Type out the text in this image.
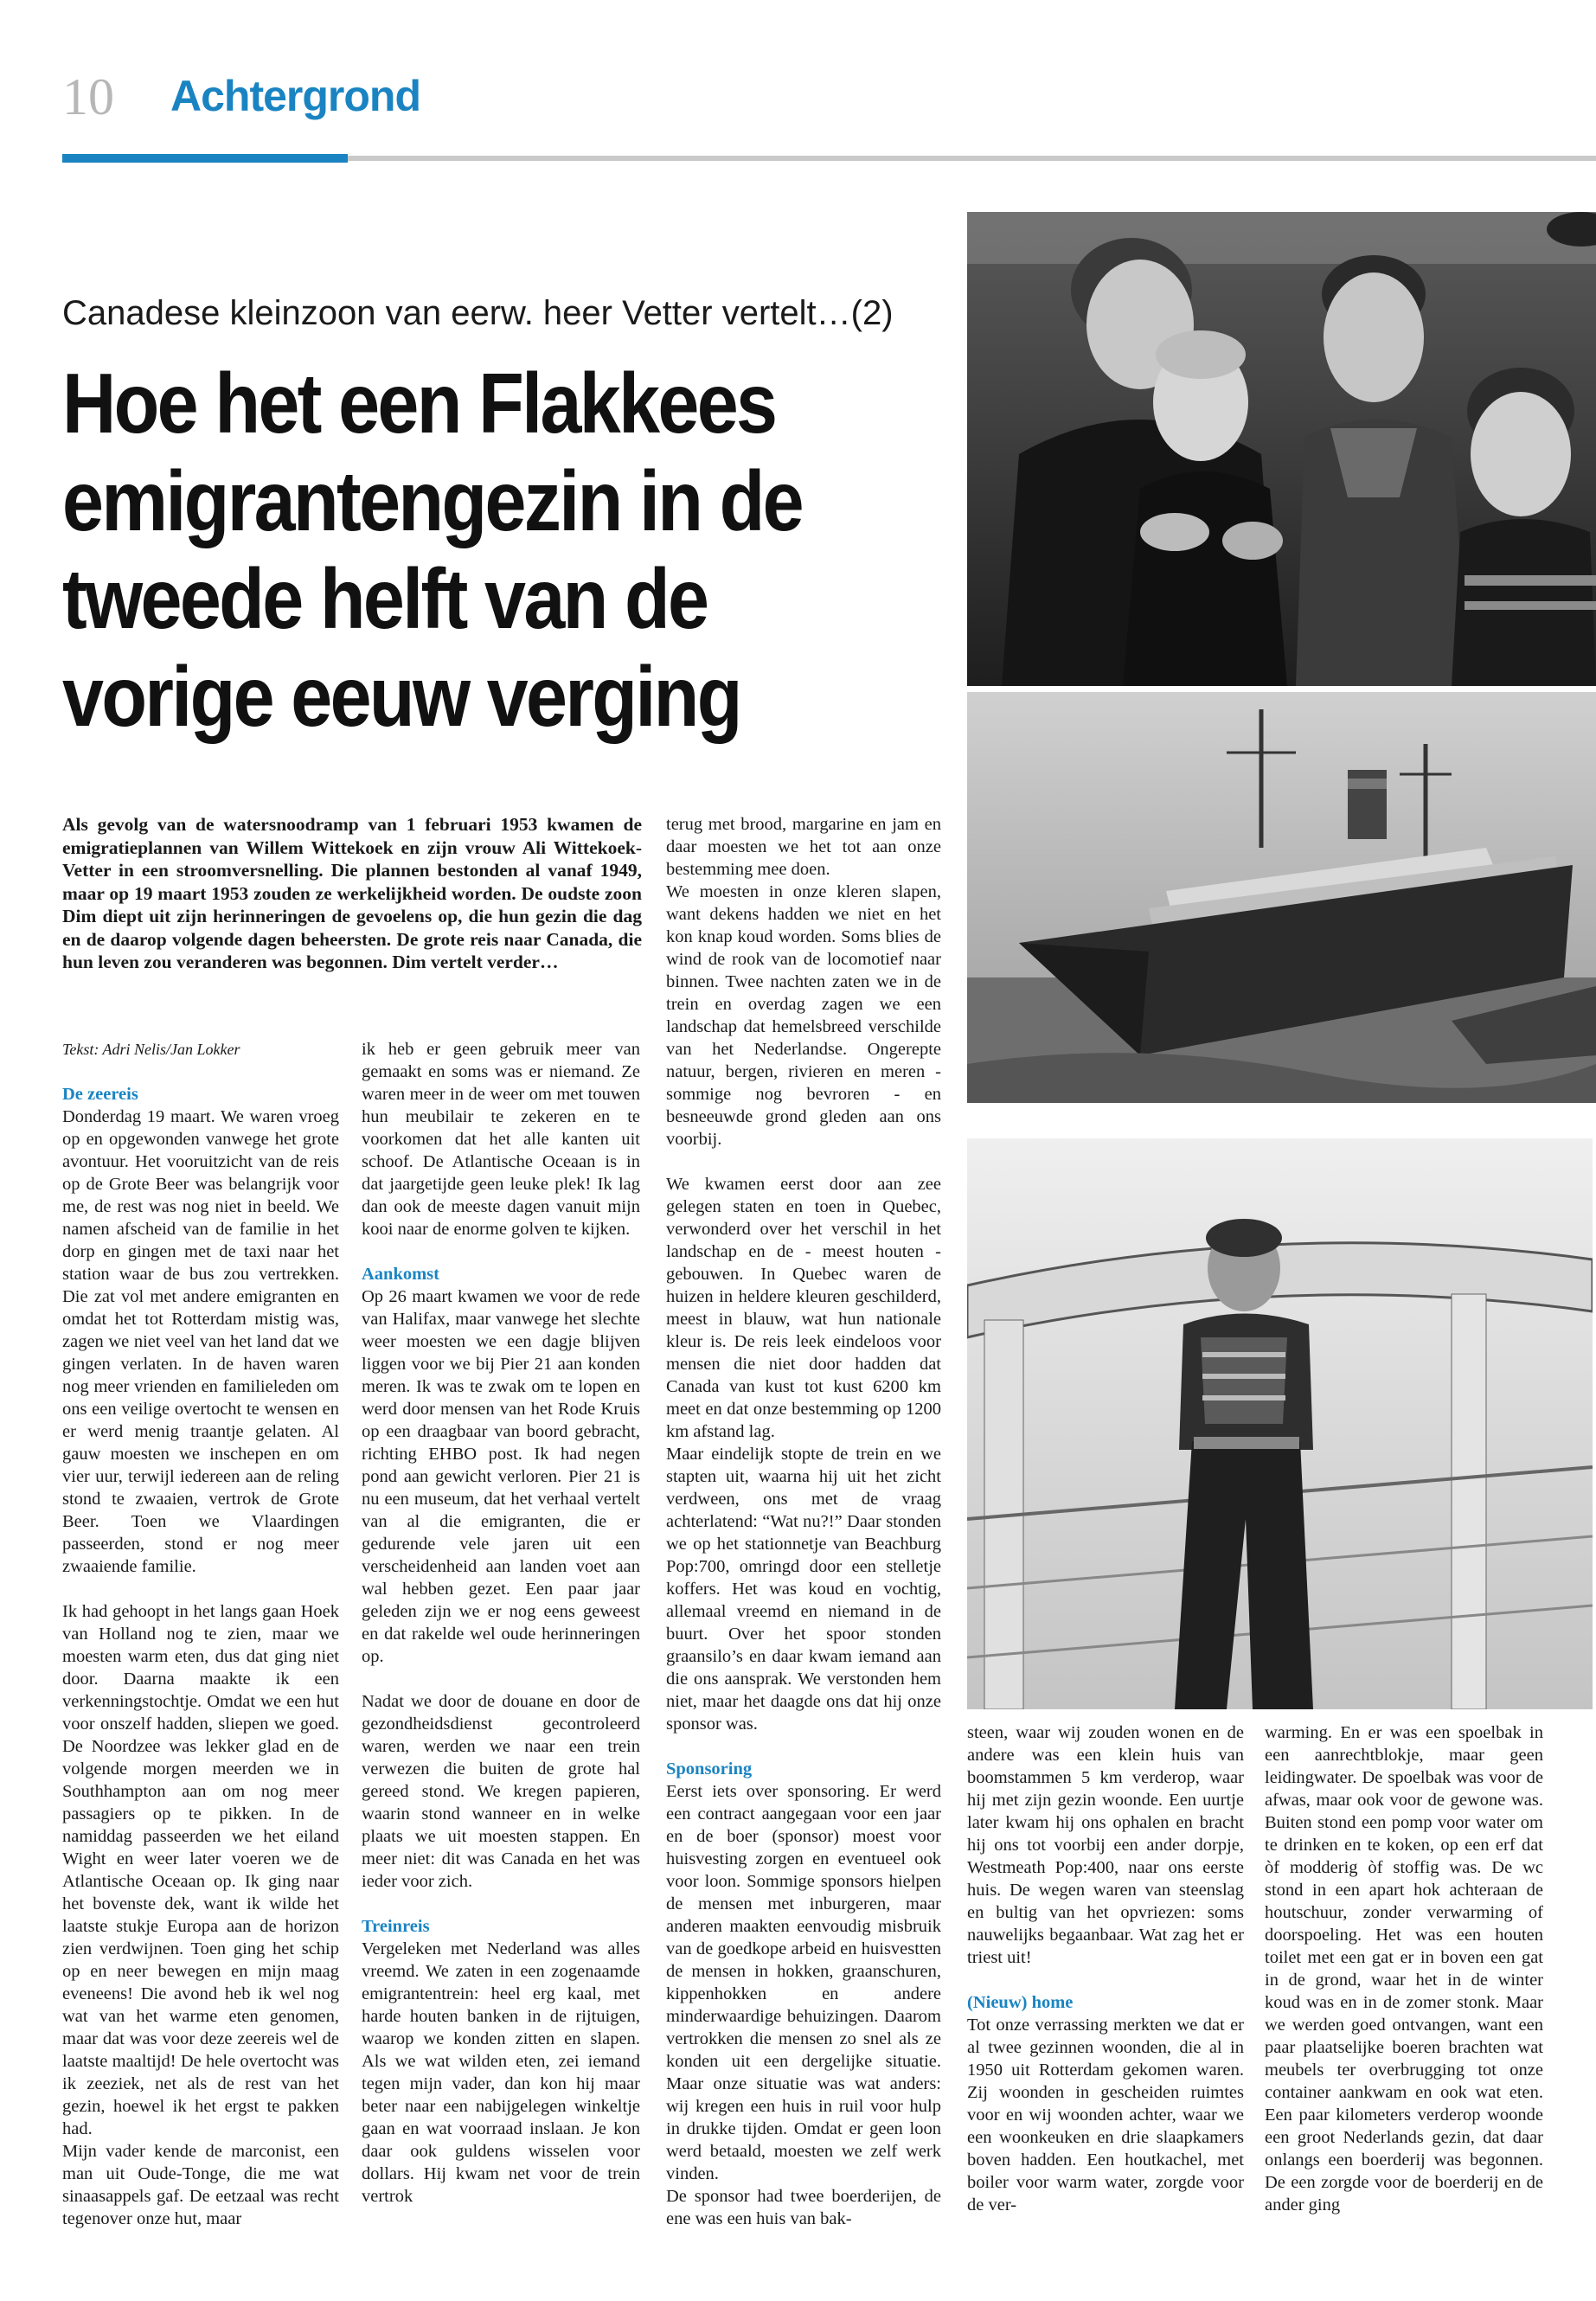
10 Achtergrond
Canadese kleinzoon van eerw. heer Vetter vertelt…(2)
Hoe het een Flakkees
emigrantengezin in de
tweede helft van de
vorige eeuw verging
Als gevolg van de watersnoodramp van 1 februari 1953 kwamen de emigratieplannen van Willem Wittekoek en zijn vrouw Ali Wittekoek-Vetter in een stroomversnelling. Die plannen bestonden al vanaf 1949, maar op 19 maart 1953 zouden ze werkelijkheid worden. De oudste zoon Dim diept uit zijn herinneringen de gevoelens op, die hun gezin die dag en de daarop volgende dagen beheersten. De grote reis naar Canada, die hun leven zou veranderen was begonnen. Dim vertelt verder…

Tekst: Adri Nelis/Jan Lokker

De zeereis

Donderdag 19 maart. We waren vroeg op en opgewonden vanwege het grote avontuur. Het vooruitzicht van de reis op de Grote Beer was belangrijk voor me, de rest was nog niet in beeld. We namen afscheid van de familie in het dorp en gingen met de taxi naar het station waar de bus zou vertrekken. Die zat vol met andere emigranten en omdat het tot Rotterdam mistig was, zagen we niet veel van het land dat we gingen verlaten. In de haven waren nog meer vrienden en familieleden om ons een veilige overtocht te wensen en er werd menig traantje gelaten. Al gauw moesten we inschepen en om vier uur, terwijl iedereen aan de reling stond te zwaaien, vertrok de Grote Beer. Toen we Vlaardingen passeerden, stond er nog meer zwaaiende familie.

Ik had gehoopt in het langs gaan Hoek van Holland nog te zien, maar we moesten warm eten, dus dat ging niet door. Daarna maakte ik een verkenningstochtje. Omdat we een hut voor onszelf hadden, sliepen we goed. De Noordzee was lekker glad en de volgende morgen meerden we in Southhampton aan om nog meer passagiers op te pikken. In de namiddag passeerden we het eiland Wight en weer later voeren we de Atlantische Oceaan op. Ik ging naar het bovenste dek, want ik wilde het laatste stukje Europa aan de horizon zien verdwijnen. Toen ging het schip op en neer bewegen en mijn maag eveneens! Die avond heb ik wel nog wat van het warme eten genomen, maar dat was voor deze zeereis wel de laatste maaltijd! De hele overtocht was ik zeeziek, net als de rest van het gezin, hoewel ik het ergst te pakken had.

Mijn vader kende de marconist, een man uit Oude-Tonge, die me wat sinaasappels gaf. De eetzaal was recht tegenover onze hut, maar

ik heb er geen gebruik meer van gemaakt en soms was er niemand. Ze waren meer in de weer om met touwen hun meubilair te zekeren en te voorkomen dat het alle kanten uit schoof. De Atlantische Oceaan is in dat jaargetijde geen leuke plek! Ik lag dan ook de meeste dagen vanuit mijn kooi naar de enorme golven te kijken.

Aankomst

Op 26 maart kwamen we voor de rede van Halifax, maar vanwege het slechte weer moesten we een dagje blijven liggen voor we bij Pier 21 aan konden meren. Ik was te zwak om te lopen en werd door mensen van het Rode Kruis op een draagbaar van boord gebracht, richting EHBO post. Ik had negen pond aan gewicht verloren. Pier 21 is nu een museum, dat het verhaal vertelt van al die emigranten, die er gedurende vele jaren uit een verscheidenheid aan landen voet aan wal hebben gezet. Een paar jaar geleden zijn we er nog eens geweest en dat rakelde wel oude herinneringen op.

Nadat we door de douane en door de gezondheidsdienst gecontroleerd waren, werden we naar een trein verwezen die buiten de grote hal gereed stond. We kregen papieren, waarin stond wanneer en in welke plaats we uit moesten stappen. En meer niet: dit was Canada en het was ieder voor zich.

Treinreis

Vergeleken met Nederland was alles vreemd. We zaten in een zogenaamde emigrantentrein: heel erg kaal, met harde houten banken in de rijtuigen, waarop we konden zitten en slapen. Als we wat wilden eten, zei iemand tegen mijn vader, dan kon hij maar beter naar een nabijgelegen winkeltje gaan en wat voorraad inslaan. Je kon daar ook guldens wisselen voor dollars. Hij kwam net voor de trein vertrok

terug met brood, margarine en jam en daar moesten we het tot aan onze bestemming mee doen.

We moesten in onze kleren slapen, want dekens hadden we niet en het kon knap koud worden. Soms blies de wind de rook van de locomotief naar binnen. Twee nachten zaten we in de trein en overdag zagen we een landschap dat hemelsbreed verschilde van het Nederlandse. Ongerepte natuur, bergen, rivieren en meren - sommige nog bevroren - en besneeuwde grond gleden aan ons voorbij.

We kwamen eerst door aan zee gelegen staten en toen in Quebec, verwonderd over het verschil in het landschap en de - meest houten - gebouwen. In Quebec waren de huizen in heldere kleuren geschilderd, meest in blauw, wat hun nationale kleur is. De reis leek eindeloos voor mensen die niet door hadden dat Canada van kust tot kust 6200 km meet en dat onze bestemming op 1200 km afstand lag.

Maar eindelijk stopte de trein en we stapten uit, waarna hij uit het zicht verdween, ons met de vraag achterlatend: “Wat nu?!” Daar stonden we op het stationnetje van Beachburg Pop:700, omringd door een stelletje koffers. Het was koud en vochtig, allemaal vreemd en niemand in de buurt. Over het spoor stonden graansilo’s en daar kwam iemand aan die ons aansprak. We verstonden hem niet, maar het daagde ons dat hij onze sponsor was.

Sponsoring

Eerst iets over sponsoring. Er werd een contract aangegaan voor een jaar en de boer (sponsor) moest voor huisvesting zorgen en eventueel ook voor loon. Sommige sponsors hielpen de mensen met inburgeren, maar anderen maakten eenvoudig misbruik van de goedkope arbeid en huisvestten de mensen in hokken, graanschuren, kippenhokken en andere minderwaardige behuizingen. Daarom vertrokken die mensen zo snel als ze konden uit een dergelijke situatie. Maar onze situatie was wat anders: wij kregen een huis in ruil voor hulp in drukke tijden. Omdat er geen loon werd betaald, moesten we zelf werk vinden.

De sponsor had twee boerderijen, de ene was een huis van bak-

steen, waar wij zouden wonen en de andere was een klein huis van boomstammen 5 km verderop, waar hij met zijn gezin woonde. Een uurtje later kwam hij ons ophalen en bracht hij ons tot voorbij een ander dorpje, Westmeath Pop:400, naar ons eerste huis. De wegen waren van steenslag en bultig van het opvriezen: soms nauwelijks begaanbaar. Wat zag het er triest uit!

(Nieuw) home

Tot onze verrassing merkten we dat er al twee gezinnen woonden, die al in 1950 uit Rotterdam gekomen waren. Zij woonden in gescheiden ruimtes voor en wij woonden achter, waar we een woonkeuken en drie slaapkamers boven hadden. Een houtkachel, met boiler voor warm water, zorgde voor de ver-

warming. En er was een spoelbak in een aanrechtblokje, maar geen leidingwater. De spoelbak was voor de afwas, maar ook voor de gewone was. Buiten stond een pomp voor water om te drinken en te koken, op een erf dat òf modderig òf stoffig was. De wc stond in een apart hok achteraan de houtschuur, zonder verwarming of doorspoeling. Het was een houten toilet met een gat er in boven een gat in de grond, waar het in de winter koud was en in de zomer stonk. Maar we werden goed ontvangen, want een paar plaatselijke boeren brachten wat meubels ter overbrugging tot onze container aankwam en ook wat eten. Een paar kilometers verderop woonde een groot Nederlands gezin, dat daar onlangs een boerderij was begonnen. De een zorgde voor de boerderij en de ander ging
